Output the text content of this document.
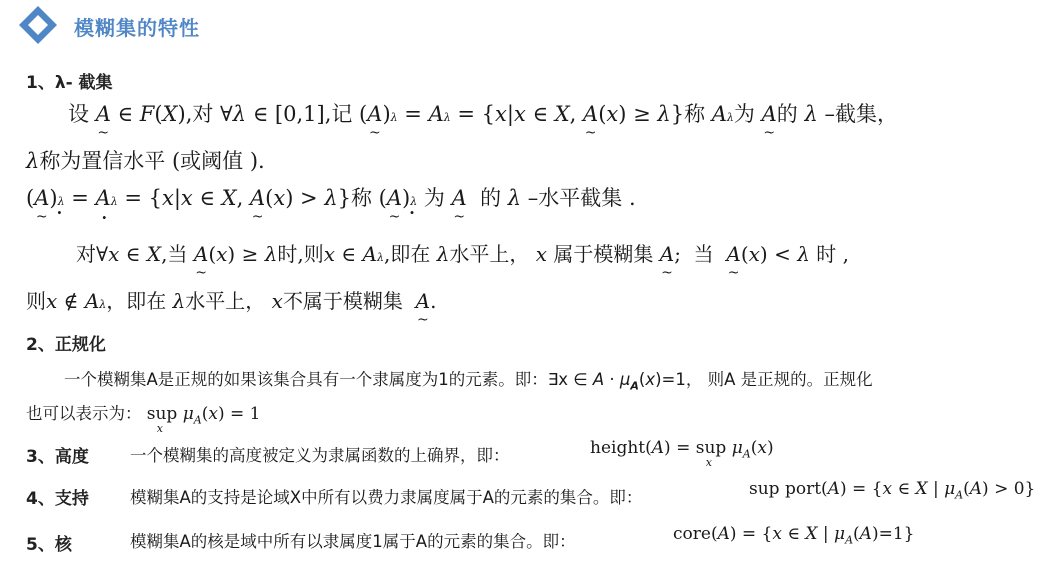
模糊集的特性
1、λ- 截集
设 A ~ ∈ F(X),对 ∀λ ∈ [0,1],记 (A ~)λ = Aλ = {x|x ∈ X, A ~(x) ≥ λ}称 Aλ为 A ~的 λ –截集，
λ称为置信水平 (或阈值 ).
(A ~)λ
·
= A
·
λ = {x|x ∈ X, A ~(x) > λ}称 (A ~)λ
·
为 A ~  的 λ –水平截集 .
对∀x ∈ X,当 A ~(x) ≥ λ时,则x ∈ Aλ,即在 λ水平上， x 属于模糊集 A ~;  当  A ~(x) < λ 时 ,
则x ∉ Aλ，即在 λ水平上， x不属于模糊集  A ~.
2、正规化
一个模糊集A是正规的如果该集合具有一个隶属度为1的元素。即：∃x ∈ $A \cdot \mu_A(x)=1$， 则A 是正规的。正规化
也可以表示为： sup
x
$\mu_A(x) = 1$
3、高度 一个模糊集的高度被定义为隶属函数的上确界，即：	height(A) = sup
x
$\mu_A(x)$
4、支持 模糊集A的支持是论域X中所有以费力隶属度属于A的元素的集合。即：	sup port(A) = {x ∈ X | $\mu_A(A) > 0$}
5、核	模糊集A的核是域中所有以隶属度1属于A的元素的集合。即：	core(A) = {x ∈ X | $\mu_A(A)=1$}
